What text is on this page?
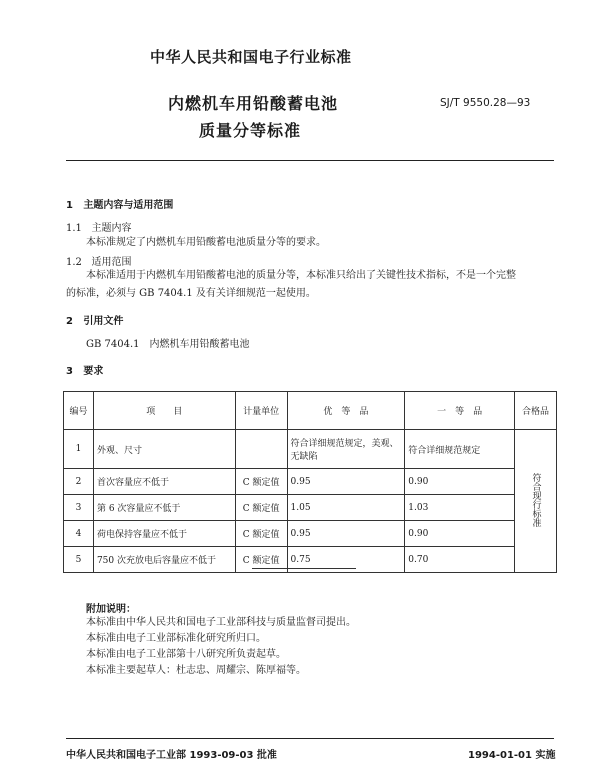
中华人民共和国电子行业标准
内燃机车用铅酸蓄电池
质量分等标准
SJ/T 9550.28—93
1 主题内容与适用范围
1.1 主题内容
本标准规定了内燃机车用铅酸蓄电池质量分等的要求。
1.2 适用范围
本标准适用于内燃机车用铅酸蓄电池的质量分等，本标准只给出了关键性技术指标，不是一个完整
的标准，必须与 GB 7404.1 及有关详细规范一起使用。
2 引用文件
GB 7404.1　内燃机车用铅酸蓄电池
3 要求
编号	项　　目	计量单位	优　等　品	一　等　品	合格品
1	外观、尺寸		符合详细规范规定，美观、无缺陷	符合详细规范规定	符合现行标准
2	首次容量应不低于	C 额定值	0.95	0.90	
3	第 6 次容量应不低于	C 额定值	1.05	1.03	
4	荷电保持容量应不低于	C 额定值	0.95	0.90	
5	750 次充放电后容量应不低于	C 额定值	0.75	0.70	
附加说明：
本标准由中华人民共和国电子工业部科技与质量监督司提出。
本标准由电子工业部标准化研究所归口。
本标准由电子工业部第十八研究所负责起草。
本标准主要起草人：杜志忠、周耀宗、陈厚福等。
中华人民共和国电子工业部 1993-09-03 批准	1994-01-01 实施
